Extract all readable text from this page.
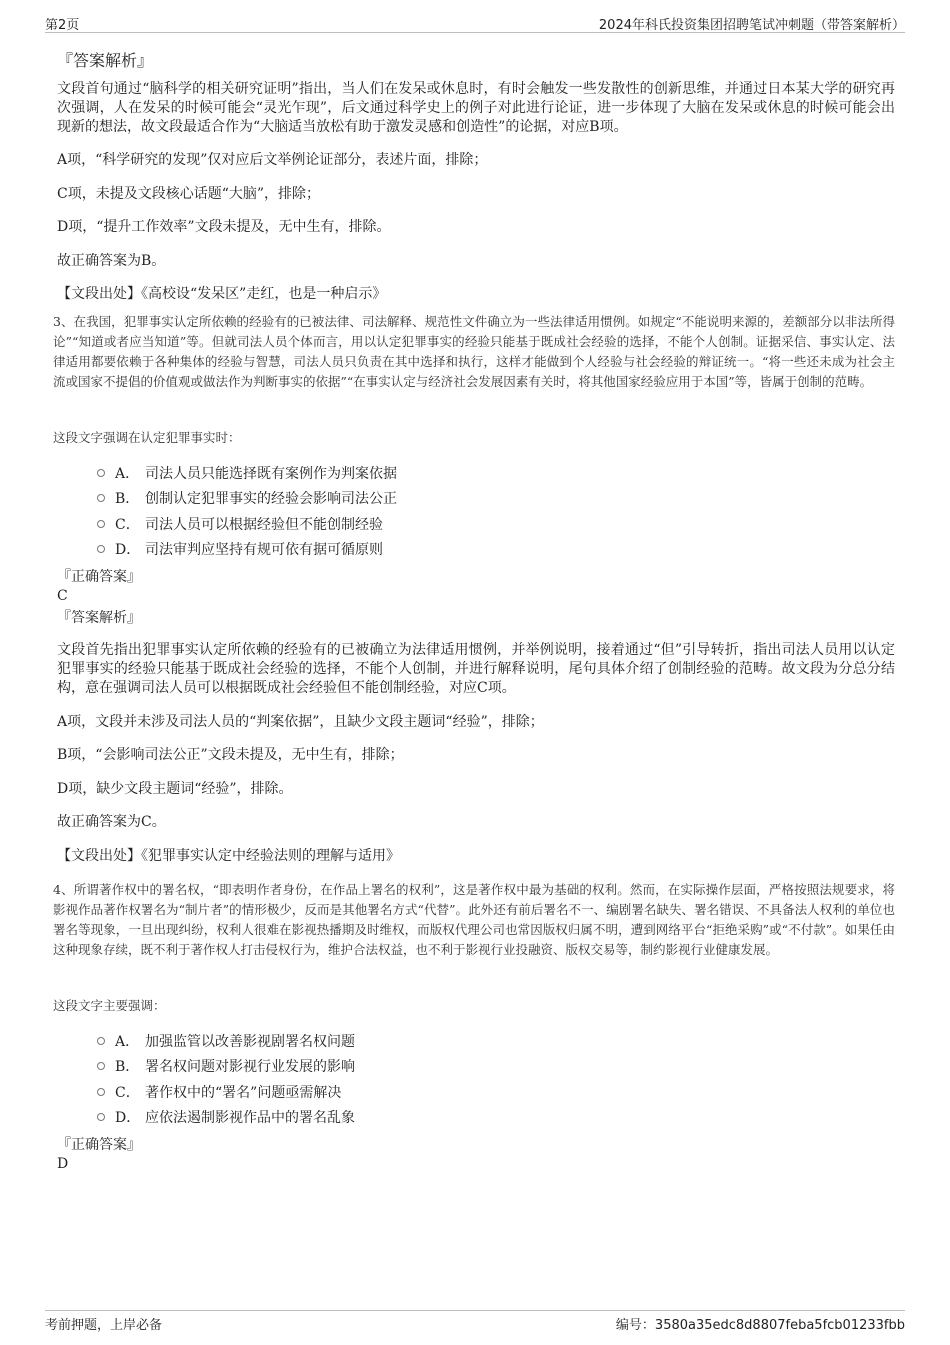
第2页	2024年科氏投资集团招聘笔试冲刺题（带答案解析）
『答案解析』

文段首句通过“脑科学的相关研究证明”指出，当人们在发呆或休息时，有时会触发一些发散性的创新思维，并通过日本某大学的研究再次强调，人在发呆的时候可能会“灵光乍现”，后文通过科学史上的例子对此进行论证，进一步体现了大脑在发呆或休息的时候可能会出现新的想法，故文段最适合作为“大脑适当放松有助于激发灵感和创造性”的论据，对应B项。

A项，“科学研究的发现”仅对应后文举例论证部分，表述片面，排除；

C项，未提及文段核心话题“大脑”，排除；

D项，“提升工作效率”文段未提及，无中生有，排除。

故正确答案为B。

【文段出处】《高校设“发呆区”走红，也是一种启示》

3、在我国，犯罪事实认定所依赖的经验有的已被法律、司法解释、规范性文件确立为一些法律适用惯例。如规定“不能说明来源的，差额部分以非法所得论”“知道或者应当知道”等。但就司法人员个体而言，用以认定犯罪事实的经验只能基于既成社会经验的选择，不能个人创制。证据采信、事实认定、法律适用都要依赖于各种集体的经验与智慧，司法人员只负责在其中选择和执行，这样才能做到个人经验与社会经验的辩证统一。“将一些还未成为社会主流或国家不提倡的价值观或做法作为判断事实的依据”“在事实认定与经济社会发展因素有关时，将其他国家经验应用于本国”等，皆属于创制的范畴。

这段文字强调在认定犯罪事实时：

A． 司法人员只能选择既有案例作为判案依据
B． 创制认定犯罪事实的经验会影响司法公正
C． 司法人员可以根据经验但不能创制经验
D． 司法审判应坚持有规可依有据可循原则
『正确答案』
C
『答案解析』

文段首先指出犯罪事实认定所依赖的经验有的已被确立为法律适用惯例，并举例说明，接着通过“但”引导转折，指出司法人员用以认定犯罪事实的经验只能基于既成社会经验的选择，不能个人创制，并进行解释说明，尾句具体介绍了创制经验的范畴。故文段为分总分结构，意在强调司法人员可以根据既成社会经验但不能创制经验，对应C项。

A项，文段并未涉及司法人员的“判案依据”，且缺少文段主题词“经验”，排除；

B项，“会影响司法公正”文段未提及，无中生有，排除；

D项，缺少文段主题词“经验”，排除。

故正确答案为C。

【文段出处】《犯罪事实认定中经验法则的理解与适用》

4、所谓著作权中的署名权，“即表明作者身份，在作品上署名的权利”，这是著作权中最为基础的权利。然而，在实际操作层面，严格按照法规要求，将影视作品著作权署名为“制片者”的情形极少，反而是其他署名方式“代替”。此外还有前后署名不一、编剧署名缺失、署名错误、不具备法人权利的单位也署名等现象，一旦出现纠纷，权利人很难在影视热播期及时维权，而版权代理公司也常因版权归属不明，遭到网络平台“拒绝采购”或“不付款”。如果任由这种现象存续，既不利于著作权人打击侵权行为，维护合法权益，也不利于影视行业投融资、版权交易等，制约影视行业健康发展。

这段文字主要强调：

A． 加强监管以改善影视剧署名权问题
B． 署名权问题对影视行业发展的影响
C． 著作权中的“署名”问题亟需解决
D． 应依法遏制影视作品中的署名乱象
『正确答案』
D
考前押题，上岸必备	编号：3580a35edc8d8807feba5fcb01233fbb
